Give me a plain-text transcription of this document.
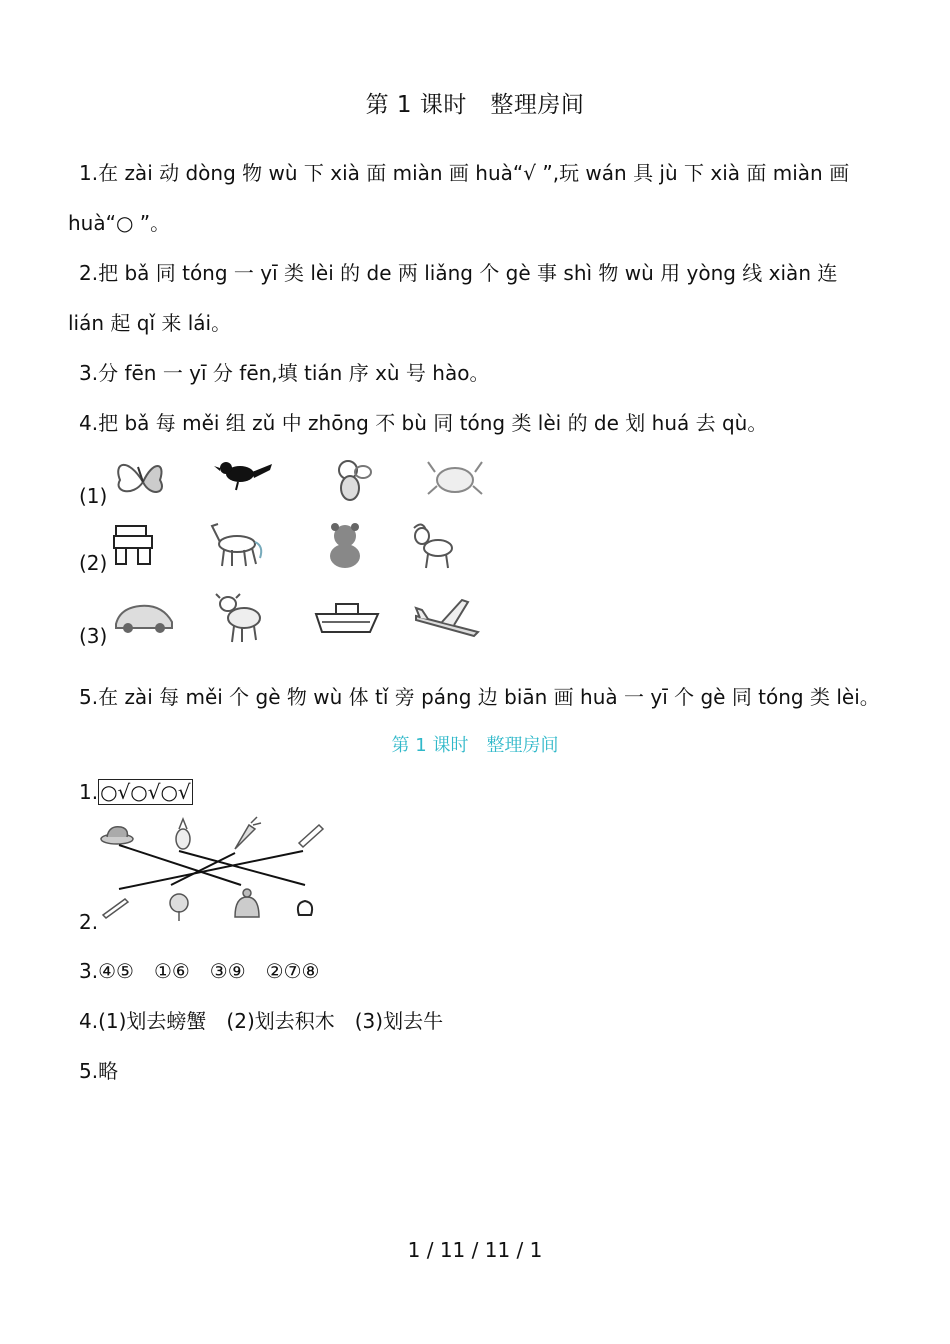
第 1 课时　整理房间
1.在 zài 动 dòng 物 wù 下 xià 面 miàn 画 huà“√ ”,玩 wán 具 jù 下 xià 面 miàn 画
huà“○ ”。
2.把 bǎ 同 tóng 一 yī 类 lèi 的 de 两 liǎng 个 gè 事 shì 物 wù 用 yòng 线 xiàn 连
lián 起 qǐ 来 lái。
3.分 fēn 一 yī 分 fēn,填 tián 序 xù 号 hào。
4.把 bǎ 每 měi 组 zǔ 中 zhōng 不 bù 同 tóng 类 lèi 的 de 划 huá 去 qù。
(1)
(2)
(3)
5.在 zài 每 měi 个 gè 物 wù 体 tǐ 旁 páng 边 biān 画 huà 一 yī 个 gè 同 tóng 类 lèi。
第 1 课时　整理房间
1. ○√○√○√
2.
3.④⑤　①⑥　③⑨　②⑦⑧
4.(1)划去螃蟹　(2)划去积木　(3)划去牛
5.略
1 / 11 / 11 / 1
